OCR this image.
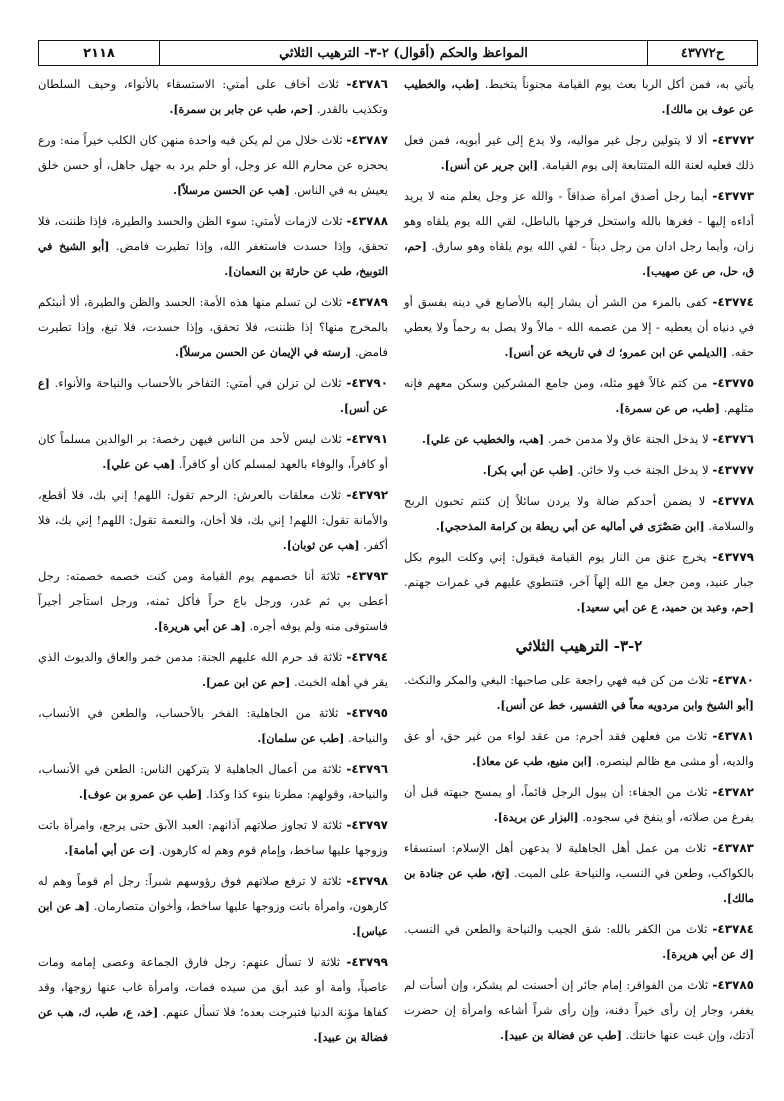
ح٤٣٧٧٢
المواعظ والحكم (أقوال) ٢-٣- الترهيب الثلاثي
٢١١٨

يأتي به، فمن أكل الربا بعث يوم القيامة مجنوناً يتخبط. [طب، والخطيب عن عوف بن مالك].

٤٣٧٧٢- ألا لا يتولين رجل غير مواليه، ولا يدع إلى غير أبويه، فمن فعل ذلك فعليه لعنة الله المتتابعة إلى يوم القيامة. [ابن جرير عن أنس].

٤٣٧٧٣- أيما رجل أصدق امرأة صداقاً - والله عز وجل يعلم منه لا يريد أداءه إليها - فغرها بالله واستحل فرجها بالباطل، لقي الله يوم يلقاه وهو زان، وأيما رجل ادان من رجل ديناً - لقي الله يوم يلقاه وهو سارق. [حم، ق، حل، ص عن صهيب].

٤٣٧٧٤- كفى بالمرء من الشر أن يشار إليه بالأصابع في دينه بفسق أو في دنياه أن يعطيه - إلا من عصمه الله - مالاً ولا يصل به رحماً ولا يعطي حقه. [الديلمي عن ابن عمرو؛ ك في تاريخه عن أنس].

٤٣٧٧٥- من كتم غالاً فهو مثله، ومن جامع المشركين وسكن معهم فإنه مثلهم. [طب، ص عن سمرة].

٤٣٧٧٦- لا يدخل الجنة عاق ولا مدمن خمر. [هب، والخطيب عن علي].

٤٣٧٧٧- لا يدخل الجنة خب ولا خائن. [طب عن أبي بكر].

٤٣٧٧٨- لا يضمن أحدكم ضالة ولا يردن سائلاً إن كنتم تحبون الربح والسلامة. [ابن صَصْرَى في أماليه عن أبي ريطة بن كرامة المذحجي].

٤٣٧٧٩- يخرج عنق من النار يوم القيامة فيقول: إني وكلت اليوم بكل جبار عنيد، ومن جعل مع الله إلهاً آخر، فتنطوي عليهم في غمرات جهنم. [حم، وعبد بن حميد، ع عن أبي سعيد].

٢-٣- الترهيب الثلاثي

٤٣٧٨٠- ثلاث من كن فيه فهي راجعة على صاحبها: البغي والمكر والنكث. [أبو الشيخ وابن مردويه معاً في التفسير، خط عن أنس].

٤٣٧٨١- ثلاث من فعلهن فقد أجرم: من عقد لواء من غير حق، أو عق والديه، أو مشى مع ظالم لينصره. [ابن منيع، طب عن معاذ].

٤٣٧٨٢- ثلاث من الجفاء: أن يبول الرجل قائماً، أو يمسح جبهته قبل أن يفرغ من صلاته، أو ينفخ في سجوده. [البزار عن بريدة].

٤٣٧٨٣- ثلاث من عمل أهل الجاهلية لا يدعهن أهل الإسلام: استسقاء بالكواكب، وطعن في النسب، والنياحة على الميت. [تخ، طب عن جنادة بن مالك].

٤٣٧٨٤- ثلاث من الكفر بالله: شق الجيب والنياحة والطعن في النسب. [ك عن أبي هريرة].

٤٣٧٨٥- ثلاث من الفواقر: إمام جائر إن أحسنت لم يشكر، وإن أسأت لم يغفر، وجار إن رأى خيراً دفنه، وإن رأى شراً أشاعه وامرأة إن حضرت آذتك، وإن غبت عنها خانتك. [طب عن فضالة بن عبيد].

٤٣٧٨٦- ثلاث أخاف على أمتي: الاستسقاء بالأنواء، وحيف السلطان وتكذيب بالقدر. [حم، طب عن جابر بن سمرة].

٤٣٧٨٧- ثلاث خلال من لم يكن فيه واحدة منهن كان الكلب خيراً منه: ورع يحجزه عن محارم الله عز وجل، أو حلم يرد به جهل جاهل، أو حسن خلق يعيش به في الناس. [هب عن الحسن مرسلاً].

٤٣٧٨٨- ثلاث لازمات لأمتي: سوء الظن والحسد والطيرة، فإذا ظننت، فلا تحقق، وإذا حسدت فاستغفر الله، وإذا تطيرت فامض. [أبو الشيخ في التوبيخ، طب عن حارثة بن النعمان].

٤٣٧٨٩- ثلاث لن تسلم منها هذه الأمة: الحسد والظن والطيرة، ألا أنبئكم بالمخرج منها؟ إذا ظننت، فلا تحقق، وإذا حسدت، فلا تبغ، وإذا تطيرت فامض. [رسته في الإيمان عن الحسن مرسلاً].

٤٣٧٩٠- ثلاث لن تزلن في أمتي: التفاخر بالأحساب والنياحة والأنواء. [ع عن أنس].

٤٣٧٩١- ثلاث ليس لأحد من الناس فيهن رخصة: بر الوالدين مسلماً كان أو كافراً، والوفاء بالعهد لمسلم كان أو كافراً. [هب عن علي].

٤٣٧٩٢- ثلاث معلقات بالعرش: الرحم تقول: اللهم! إني بك، فلا أقطع، والأمانة تقول: اللهم! إني بك، فلا أخان، والنعمة تقول: اللهم! إني بك، فلا أكفر. [هب عن ثوبان].

٤٣٧٩٣- ثلاثة أنا خصمهم يوم القيامة ومن كنت خصمه خصمته: رجل أعطى بي ثم غدر، ورجل باع حراً فأكل ثمنه، ورجل استأجر أجيراً فاستوفى منه ولم يوفه أجره. [هـ عن أبي هريرة].

٤٣٧٩٤- ثلاثة قد حرم الله عليهم الجنة: مدمن خمر والعاق والديوث الذي يقر في أهله الخبث. [حم عن ابن عمر].

٤٣٧٩٥- ثلاثة من الجاهلية: الفخر بالأحساب، والطعن في الأنساب، والنياحة. [طب عن سلمان].

٤٣٧٩٦- ثلاثة من أعمال الجاهلية لا يتركهن الناس: الطعن في الأنساب، والنياحة، وقولهم: مطرنا بنوء كذا وكذا. [طب عن عمرو بن عوف].

٤٣٧٩٧- ثلاثة لا تجاوز صلاتهم آذانهم: العبد الآبق حتى يرجع، وامرأة باتت وزوجها عليها ساخط، وإمام قوم وهم له كارهون. [ت عن أبي أمامة].

٤٣٧٩٨- ثلاثة لا ترفع صلاتهم فوق رؤوسهم شبراً: رجل أم قوماً وهم له كارهون، وامرأة باتت وزوجها عليها ساخط، وأخوان متصارمان. [هـ عن ابن عباس].

٤٣٧٩٩- ثلاثة لا تسأل عنهم: رجل فارق الجماعة وعصى إمامه ومات عاصياً، وأمة أو عبد أبق من سيده فمات، وامرأة غاب عنها زوجها، وقد كفاها مؤنة الدنيا فتبرجت بعده؛ فلا تسأل عنهم. [خد، ع، طب، ك، هب عن فضالة بن عبيد].
